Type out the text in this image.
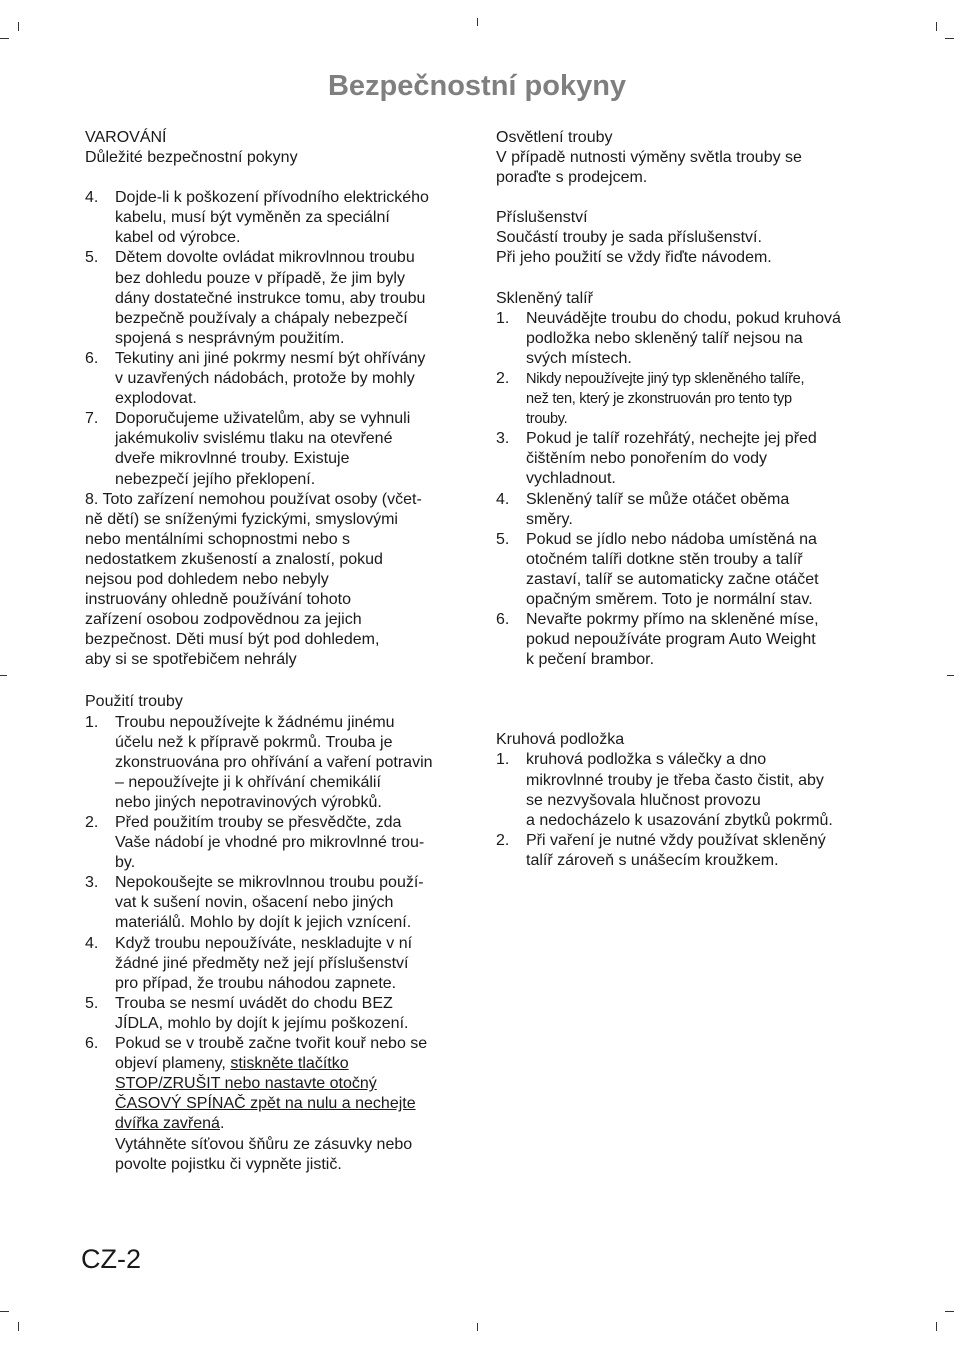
Bezpečnostní pokyny

VAROVÁNÍ

Důležité bezpečnostní pokyny

4.	Dojde-li k poškození přívodního elektrického

kabelu, musí být vyměněn za speciální

kabel od výrobce.

5.	Dětem dovolte ovládat mikrovlnnou troubu

bez dohledu pouze v případě, že jim byly

dány dostatečné instrukce tomu, aby troubu

bezpečně používaly a chápaly nebezpečí

spojená s nesprávným použitím.

6.	Tekutiny ani jiné pokrmy nesmí být ohřívány

v uzavřených nádobách, protože by mohly

explodovat.

7.	Doporučujeme uživatelům, aby se vyhnuli

jakémukoliv svislému tlaku na otevřené

dveře mikrovlnné trouby. Existuje

nebezpečí jejího překlopení.

8. Toto zařízení nemohou používat osoby (včet-
ně dětí) se sníženými fyzickými, smyslovými
nebo mentálními schopnostmi nebo s
nedostatkem zkušeností a znalostí, pokud
nejsou pod dohledem nebo nebyly
instruovány ohledně používání tohoto
zařízení osobou zodpovědnou za jejich
bezpečnost. Děti musí být pod dohledem,
aby si se spotřebičem nehrály

Použití trouby

1.	Troubu nepoužívejte k žádnému jinému

účelu než k přípravě pokrmů. Trouba je

zkonstruována pro ohřívání a vaření potravin

– nepoužívejte ji k ohřívání chemikálií

nebo jiných nepotravinových výrobků.

2.	Před použitím trouby se přesvědčte, zda

Vaše nádobí je vhodné pro mikrovlnné trou-

by.

3.	Nepokoušejte se mikrovlnnou troubu použí-

vat k sušení novin, ošacení nebo jiných

materiálů. Mohlo by dojít k jejich vznícení.

4.	Když troubu nepoužíváte, neskladujte v ní

žádné jiné předměty než její příslušenství

pro případ, že troubu náhodou zapnete.

5.	Trouba se nesmí uvádět do chodu BEZ

JÍDLA, mohlo by dojít k jejímu poškození.

6.	Pokud se v troubě začne tvořit kouř nebo se

objeví plameny, stiskněte tlačítko

STOP/ZRUŠIT nebo nastavte otočný

ČASOVÝ SPÍNAČ zpět na nulu a nechejte

dvířka zavřená.

Vytáhněte síťovou šňůru ze zásuvky nebo

povolte pojistku či vypněte jistič.

Osvětlení trouby

V případě nutnosti výměny světla trouby se

poraďte s prodejcem.

Příslušenství

Součástí trouby je sada příslušenství.

Při jeho použití se vždy řiďte návodem.

Skleněný talíř

1.	Neuvádějte troubu do chodu, pokud kruhová

podložka nebo skleněný talíř nejsou na

svých místech.

2.	Nikdy nepoužívejte jiný typ skleněného talíře,

než ten, který je zkonstruován pro tento typ

trouby.

3.	Pokud je talíř rozehřátý, nechejte jej před

čištěním nebo ponořením do vody

vychladnout.

4.	Skleněný talíř se může otáčet oběma

směry.

5.	Pokud se jídlo nebo nádoba umístěná na

otočném talíři dotkne stěn trouby a talíř

zastaví, talíř se automaticky začne otáčet

opačným směrem. Toto je normální stav.

6.	Nevařte pokrmy přímo na skleněné míse,

pokud nepoužíváte program Auto Weight

k pečení brambor.

Kruhová podložka

1.	kruhová podložka s válečky a dno

mikrovlnné trouby je třeba často čistit, aby

se nezvyšovala hlučnost provozu

a nedocházelo k usazování zbytků pokrmů.

2.	Při vaření je nutné vždy používat skleněný

talíř zároveň s unášecím kroužkem.

CZ-2
